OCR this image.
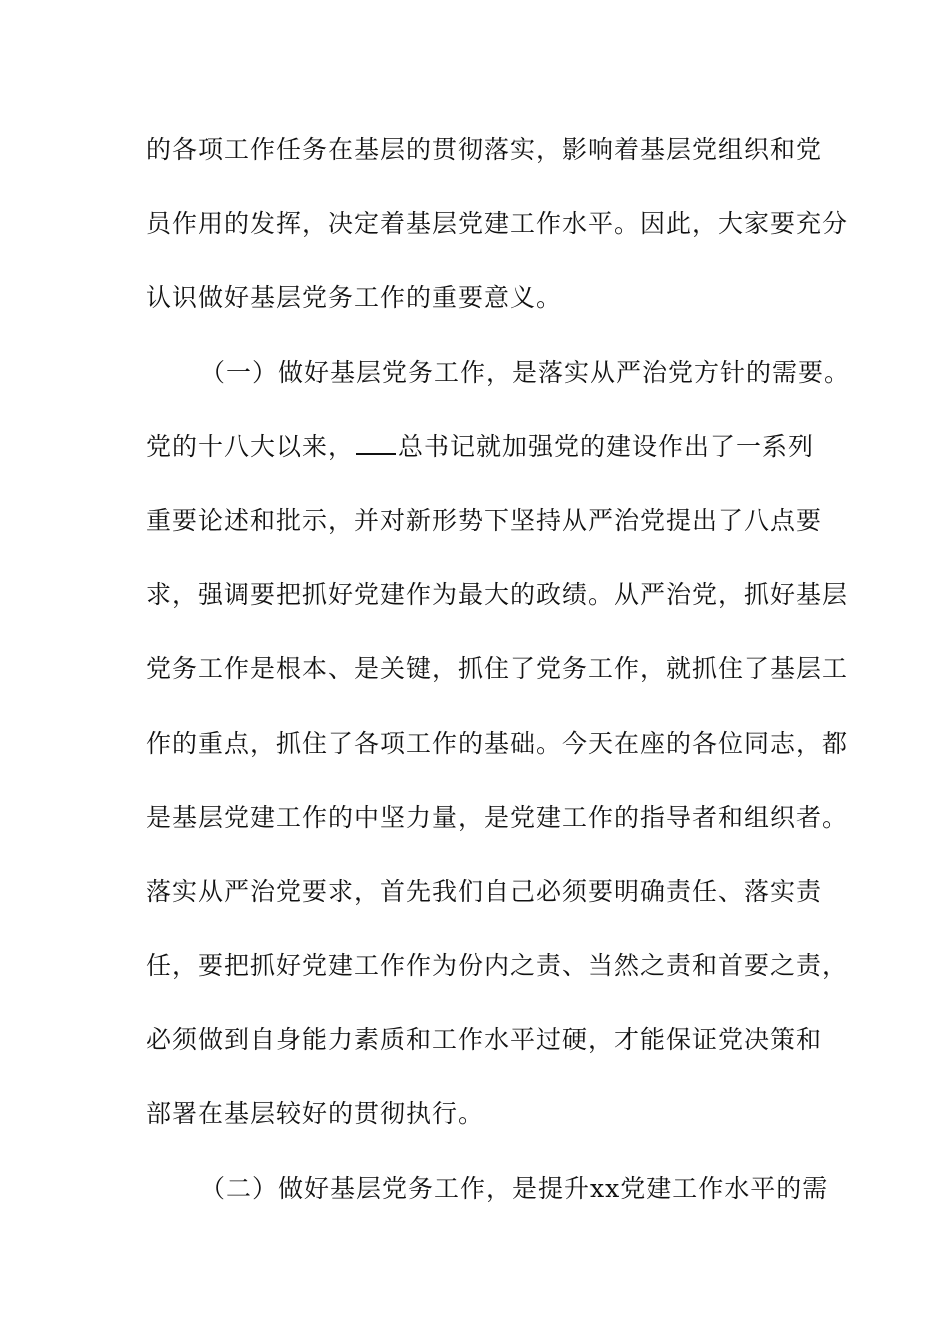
的各项工作任务在基层的贯彻落实，影响着基层党组织和党
员作用的发挥，决定着基层党建工作水平。因此，大家要充分
认识做好基层党务工作的重要意义。
（一）做好基层党务工作，是落实从严治党方针的需要。
党的十八大以来， 总书记就加强党的建设作出了一系列
重要论述和批示，并对新形势下坚持从严治党提出了八点要
求，强调要把抓好党建作为最大的政绩。从严治党，抓好基层
党务工作是根本、是关键，抓住了党务工作，就抓住了基层工
作的重点，抓住了各项工作的基础。今天在座的各位同志，都
是基层党建工作的中坚力量，是党建工作的指导者和组织者。
落实从严治党要求，首先我们自己必须要明确责任、落实责
任，要把抓好党建工作作为份内之责、当然之责和首要之责，
必须做到自身能力素质和工作水平过硬，才能保证党决策和
部署在基层较好的贯彻执行。
（二）做好基层党务工作，是提升xx党建工作水平的需
